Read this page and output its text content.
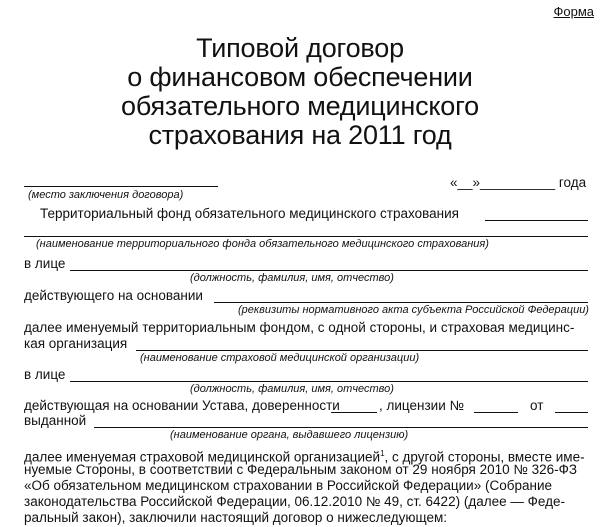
Форма
Типовой договор
о финансовом обеспечении
обязательного медицинского
страхования на 2011 год
«__»__________ года
(место заключения договора)
Территориальный фонд обязательного медицинского страхования
(наименование территориального фонда обязательного медицинского страхования)
в лице
(должность, фамилия, имя, отчество)
действующего на основании
(реквизиты нормативного акта субъекта Российской Федерации)
далее именуемый территориальным фондом, с одной стороны, и страховая медицинс-
кая организация
(наименование страховой медицинской организации)
в лице
(должность, фамилия, имя, отчество)
действующая на основании Устава, доверенности	, лицензии №	от
выданной
(наименование органа, выдавшего лицензию)
далее именуемая страховой медицинской организацией$^1$, с другой стороны, вместе име-
нуемые Стороны, в соответствии с Федеральным законом от 29 ноября 2010 № 326-ФЗ
«Об обязательном медицинском страховании в Российской Федерации» (Собрание
законодательства Российской Федерации, 06.12.2010 № 49, ст. 6422) (далее — Феде-
ральный закон), заключили настоящий договор о нижеследующем:
